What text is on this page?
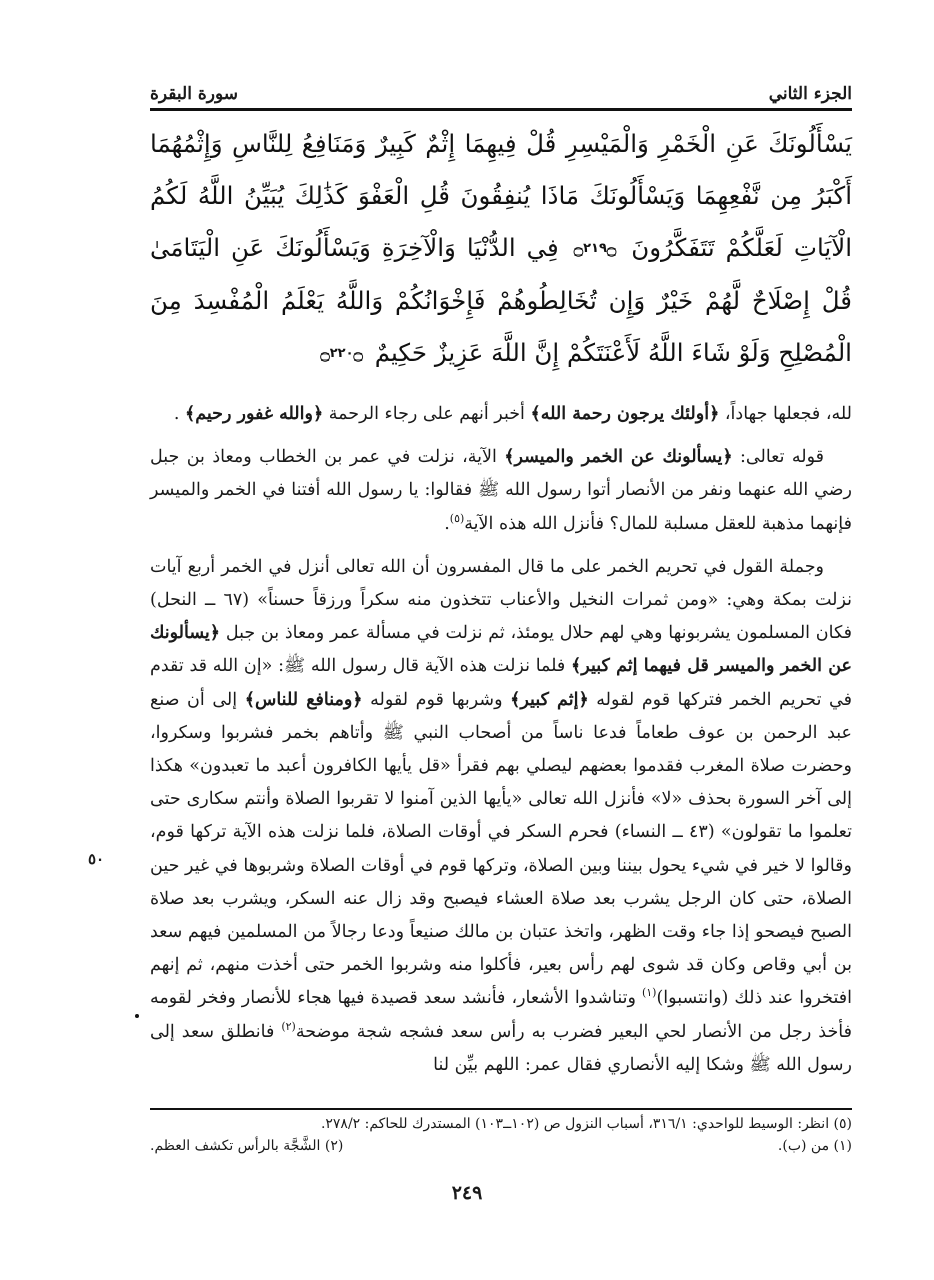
الجزء الثاني
سورة البقرة
يَسْأَلُونَكَ عَنِ الْخَمْرِ وَالْمَيْسِرِ قُلْ فِيهِمَا إِثْمٌ كَبِيرٌ وَمَنَافِعُ لِلنَّاسِ وَإِثْمُهُمَا أَكْبَرُ مِن نَّفْعِهِمَا وَيَسْأَلُونَكَ مَاذَا يُنفِقُونَ قُلِ الْعَفْوَ كَذَٰلِكَ يُبَيِّنُ اللَّهُ لَكُمُ الْآيَاتِ لَعَلَّكُمْ تَتَفَكَّرُونَ
۝ ٢١٩
۝ فِي الدُّنْيَا وَالْآخِرَةِ وَيَسْأَلُونَكَ عَنِ الْيَتَامَىٰ قُلْ إِصْلَاحٌ لَّهُمْ خَيْرٌ وَإِن تُخَالِطُوهُمْ فَإِخْوَانُكُمْ وَاللَّهُ يَعْلَمُ الْمُفْسِدَ مِنَ الْمُصْلِحِ وَلَوْ شَاءَ اللَّهُ لَأَعْنَتَكُمْ إِنَّ اللَّهَ عَزِيزٌ حَكِيمٌ
۝ ٢٢٠
۝

لله، فجعلها جهاداً، ﴿أولئك يرجون رحمة الله﴾ أخبر أنهم على رجاء الرحمة ﴿والله غفور رحيم﴾ .

قوله تعالى: ﴿يسألونك عن الخمر والميسر﴾ الآية، نزلت في عمر بن الخطاب ومعاذ بن جبل رضي الله عنهما ونفر من الأنصار أتوا رسول الله ﷺ فقالوا: يا رسول الله أفتنا في الخمر والميسر فإنهما مذهبة للعقل مسلبة للمال؟ فأنزل الله هذه الآية$^{(٥)}$.

وجملة القول في تحريم الخمر على ما قال المفسرون أن الله تعالى أنزل في الخمر أربع آيات نزلت بمكة وهي: «ومن ثمرات النخيل والأعناب تتخذون منه سكراً ورزقاً حسناً» (٦٧ ــ النحل) فكان المسلمون يشربونها وهي لهم حلال يومئذ، ثم نزلت في مسألة عمر ومعاذ بن جبل ﴿يسألونك عن الخمر والميسر قل فيهما إثم كبير﴾ فلما نزلت هذه الآية قال رسول الله ﷺ: «إن الله قد تقدم في تحريم الخمر فتركها قوم لقوله ﴿إثم كبير﴾ وشربها قوم لقوله ﴿ومنافع للناس﴾ إلى أن صنع عبد الرحمن بن عوف طعاماً فدعا ناساً من أصحاب النبي ﷺ وأتاهم بخمر فشربوا وسكروا، وحضرت صلاة المغرب فقدموا بعضهم ليصلي بهم فقرأ «قل يأيها الكافرون أعبد ما تعبدون» هكذا إلى آخر السورة بحذف «لا» فأنزل الله تعالى «يأيها الذين آمنوا لا تقربوا الصلاة وأنتم سكارى حتى تعلموا ما تقولون» (٤٣ ــ النساء) فحرم السكر في أوقات الصلاة، فلما نزلت هذه الآية تركها قوم، وقالوا لا خير في شيء يحول بيننا وبين الصلاة، وتركها قوم في أوقات الصلاة وشربوها في غير حين الصلاة، حتى كان الرجل يشرب بعد صلاة العشاء فيصبح وقد زال عنه السكر، ويشرب بعد صلاة الصبح فيصحو إذا جاء وقت الظهر، واتخذ عتبان بن مالك صنيعاً ودعا رجالاً من المسلمين فيهم سعد بن أبي وقاص وكان قد شوى لهم رأس بعير، فأكلوا منه وشربوا الخمر حتى أخذت منهم، ثم إنهم افتخروا عند ذلك (وانتسبوا)$^{(١)}$ وتناشدوا الأشعار، فأنشد سعد قصيدة فيها هجاء للأنصار وفخر لقومه فأخذ رجل من الأنصار لحي البعير فضرب به رأس سعد فشجه شجة موضحة$^{(٢)}$ فانطلق سعد إلى رسول الله ﷺ وشكا إليه الأنصاري فقال عمر: اللهم بيِّن لنا

٥٠

(٥) انظر: الوسيط للواحدي: ٣١٦/١، أسباب النزول ص (١٠٢ــ١٠٣) المستدرك للحاكم: ٢٧٨/٢.

(١) من (ب).

(٢) الشَّجَّة بالرأس تكشف العظم.

٢٤٩
